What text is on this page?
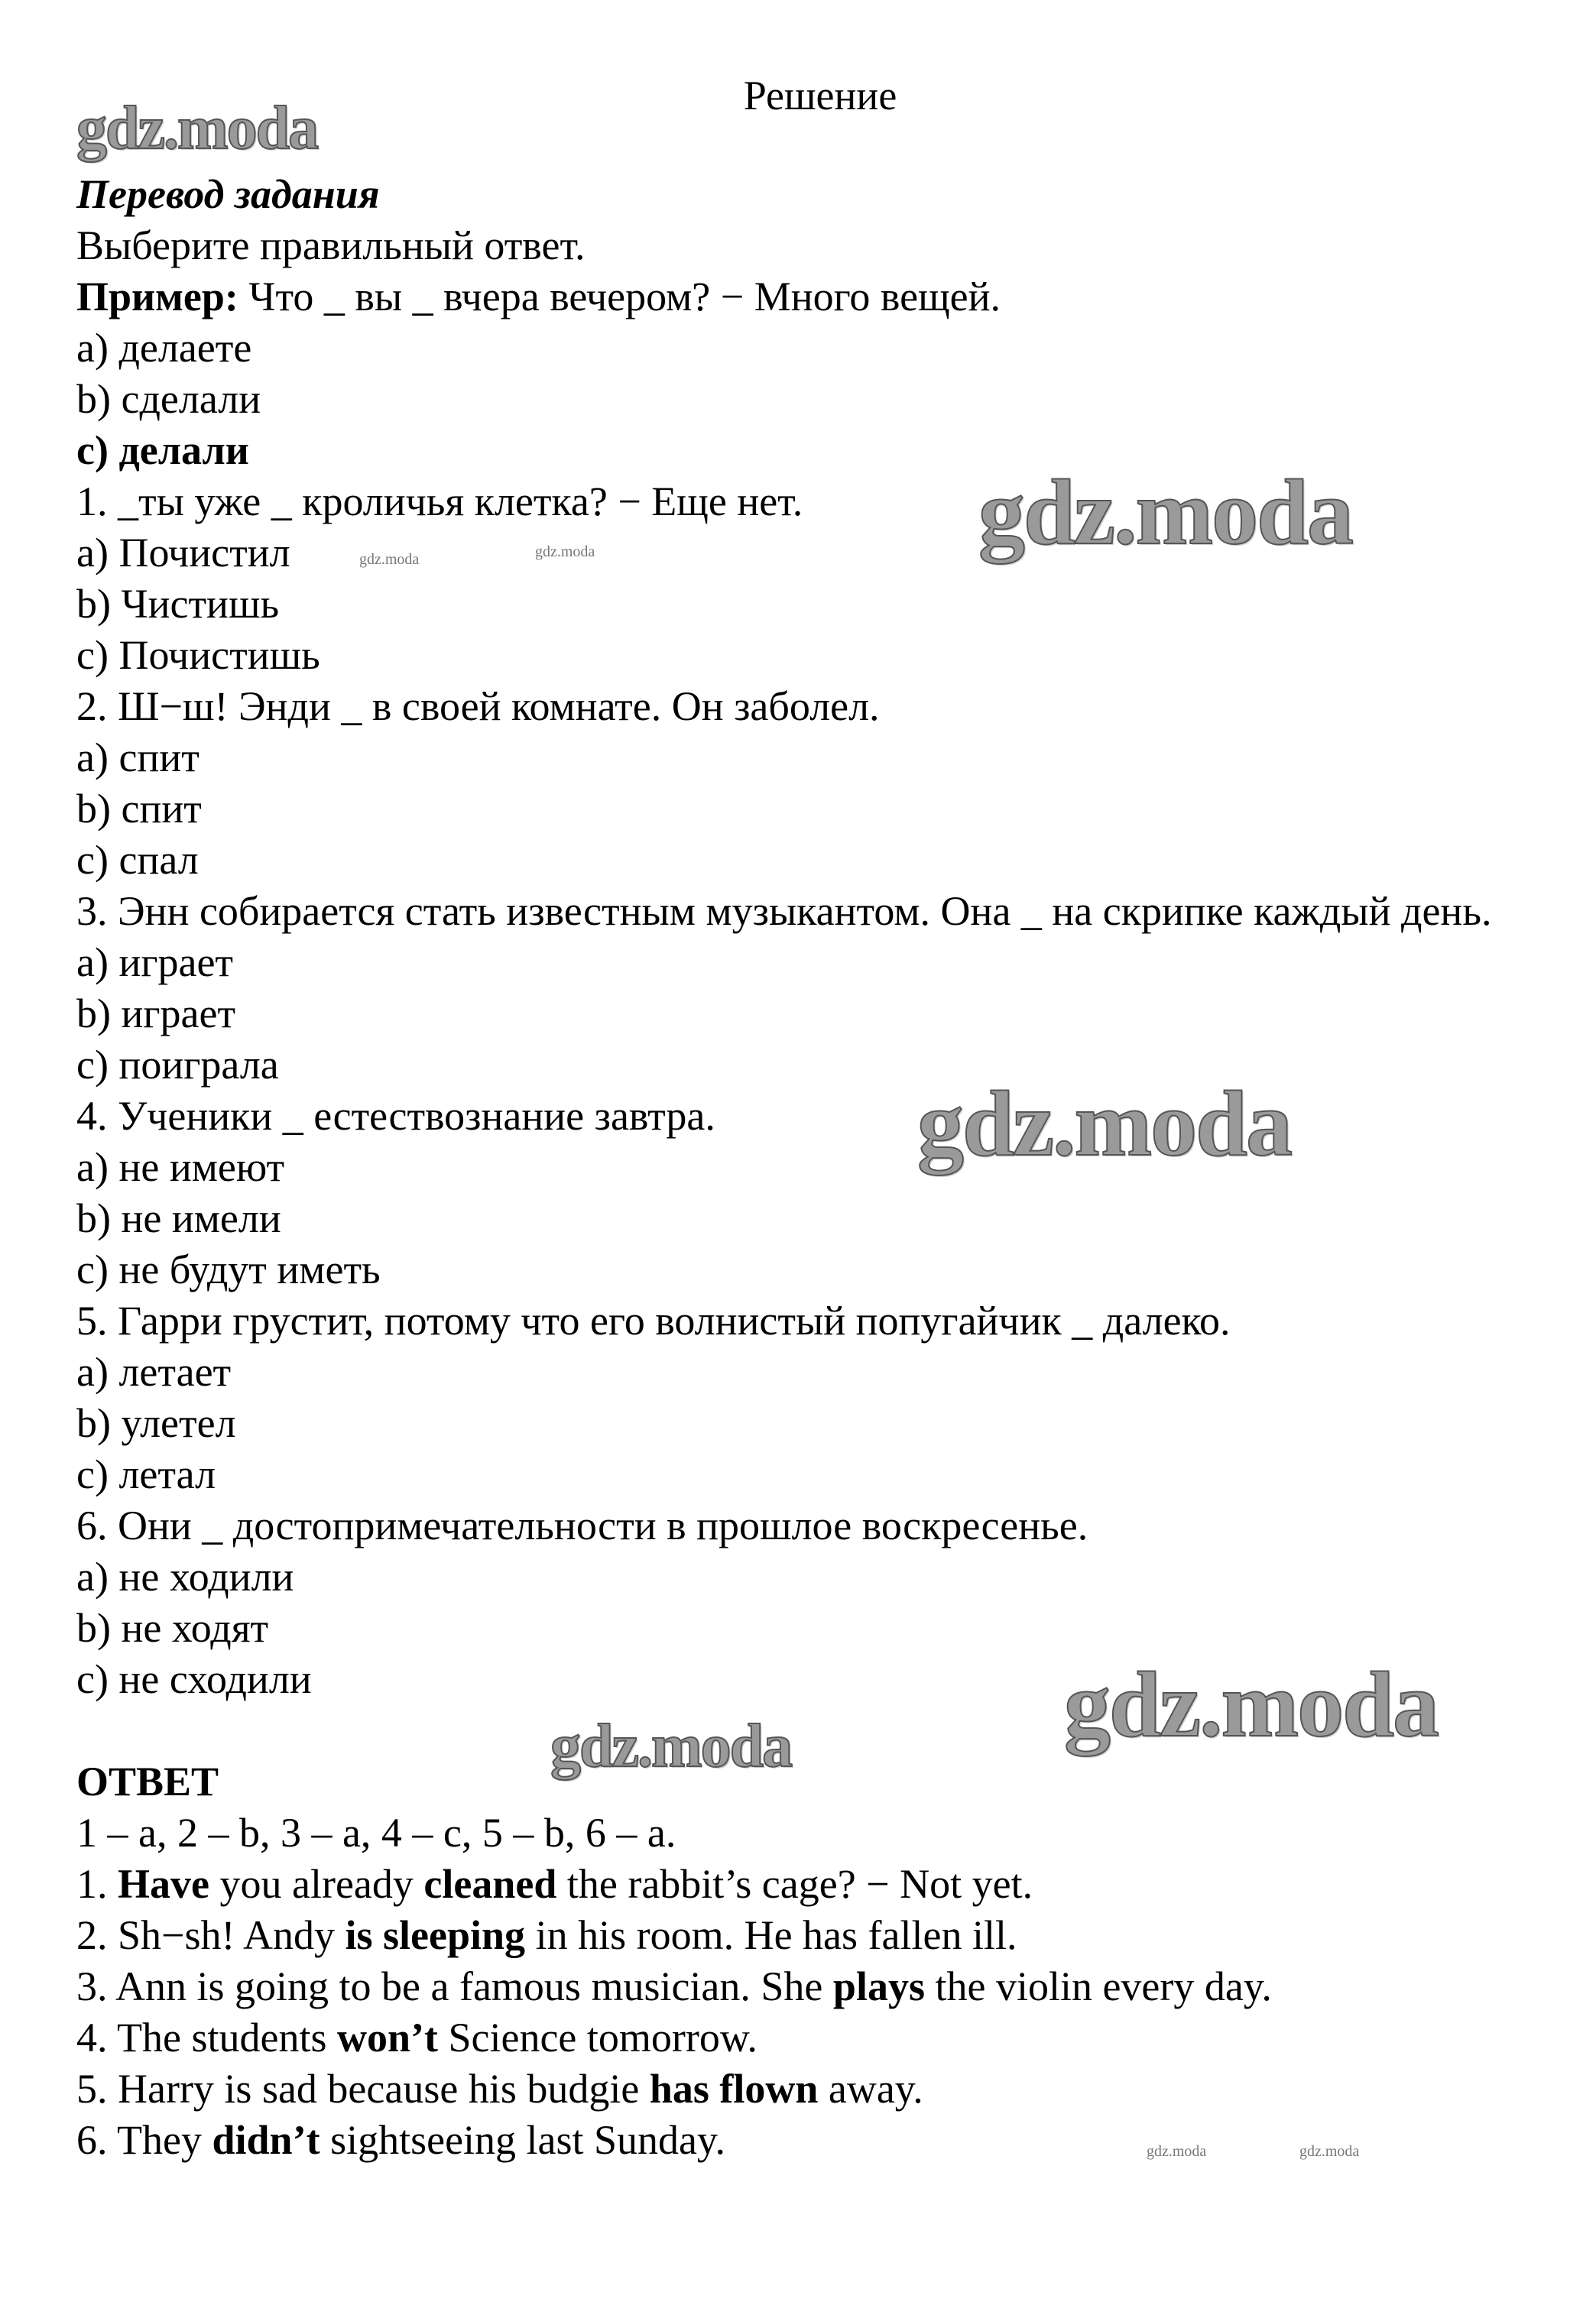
Решение
Перевод задания
Выберите правильный ответ.
Пример: Что _ вы _ вчера вечером? − Много вещей.
a) делаете
b) сделали
c) делали
1. _ты уже _ кроличья клетка? − Еще нет.
a) Почистил
b) Чистишь
c) Почистишь
2. Ш−ш! Энди _ в своей комнате. Он заболел.
a) спит
b) спит
c) спал
3. Энн собирается стать известным музыкантом. Она _ на скрипке каждый день.
a) играет
b) играет
c) поиграла
4. Ученики _ естествознание завтра.
a) не имеют
b) не имели
c) не будут иметь
5. Гарри грустит, потому что его волнистый попугайчик _ далеко.
a) летает
b) улетел
c) летал
6. Они _ достопримечательности в прошлое воскресенье.
a) не ходили
b) не ходят
c) не сходили
ОТВЕТ
1 – a, 2 – b, 3 – a, 4 – c, 5 – b, 6 – a.
1. Have you already cleaned the rabbit’s cage? − Not yet.
2. Sh−sh! Andy is sleeping in his room. He has fallen ill.
3. Ann is going to be a famous musician. She plays the violin every day.
4. The students won’t Science tomorrow.
5. Harry is sad because his budgie has flown away.
6. They didn’t sightseeing last Sunday.
gdz.moda
gdz.moda
gdz.moda
gdz.moda
gdz.moda
gdz.moda
gdz.moda
gdz.moda	gdz.moda
